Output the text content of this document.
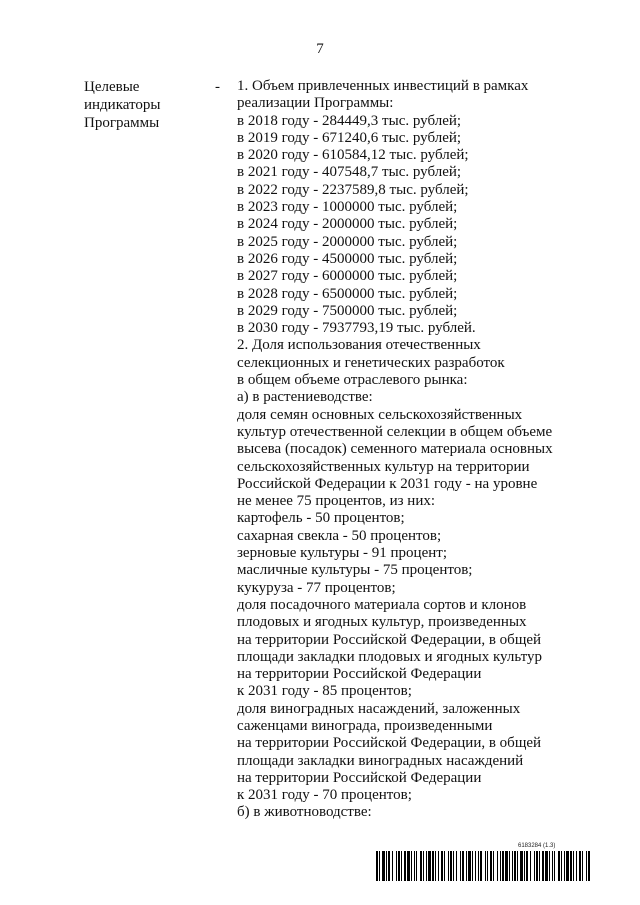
7
Целевые
индикаторы
Программы
- 1. Объем привлеченных инвестиций в рамках
реализации Программы:
в 2018 году - 284449,3 тыс. рублей;
в 2019 году - 671240,6 тыс. рублей;
в 2020 году - 610584,12 тыс. рублей;
в 2021 году - 407548,7 тыс. рублей;
в 2022 году - 2237589,8 тыс. рублей;
в 2023 году - 1000000 тыс. рублей;
в 2024 году - 2000000 тыс. рублей;
в 2025 году - 2000000 тыс. рублей;
в 2026 году - 4500000 тыс. рублей;
в 2027 году - 6000000 тыс. рублей;
в 2028 году - 6500000 тыс. рублей;
в 2029 году - 7500000 тыс. рублей;
в 2030 году - 7937793,19 тыс. рублей.
2. Доля использования отечественных
селекционных и генетических разработок
в общем объеме отраслевого рынка:
а) в растениеводстве:
доля семян основных сельскохозяйственных
культур отечественной селекции в общем объеме
высева (посадок) семенного материала основных
сельскохозяйственных культур на территории
Российской Федерации к 2031 году - на уровне
не менее 75 процентов, из них:
картофель - 50 процентов;
сахарная свекла - 50 процентов;
зерновые культуры - 91 процент;
масличные культуры - 75 процентов;
кукуруза - 77 процентов;
доля посадочного материала сортов и клонов
плодовых и ягодных культур, произведенных
на территории Российской Федерации, в общей
площади закладки плодовых и ягодных культур
на территории Российской Федерации
к 2031 году - 85 процентов;
доля виноградных насаждений, заложенных
саженцами винограда, произведенными
на территории Российской Федерации, в общей
площади закладки виноградных насаждений
на территории Российской Федерации
к 2031 году - 70 процентов;
б) в животноводстве:
6183284 (1.3)
